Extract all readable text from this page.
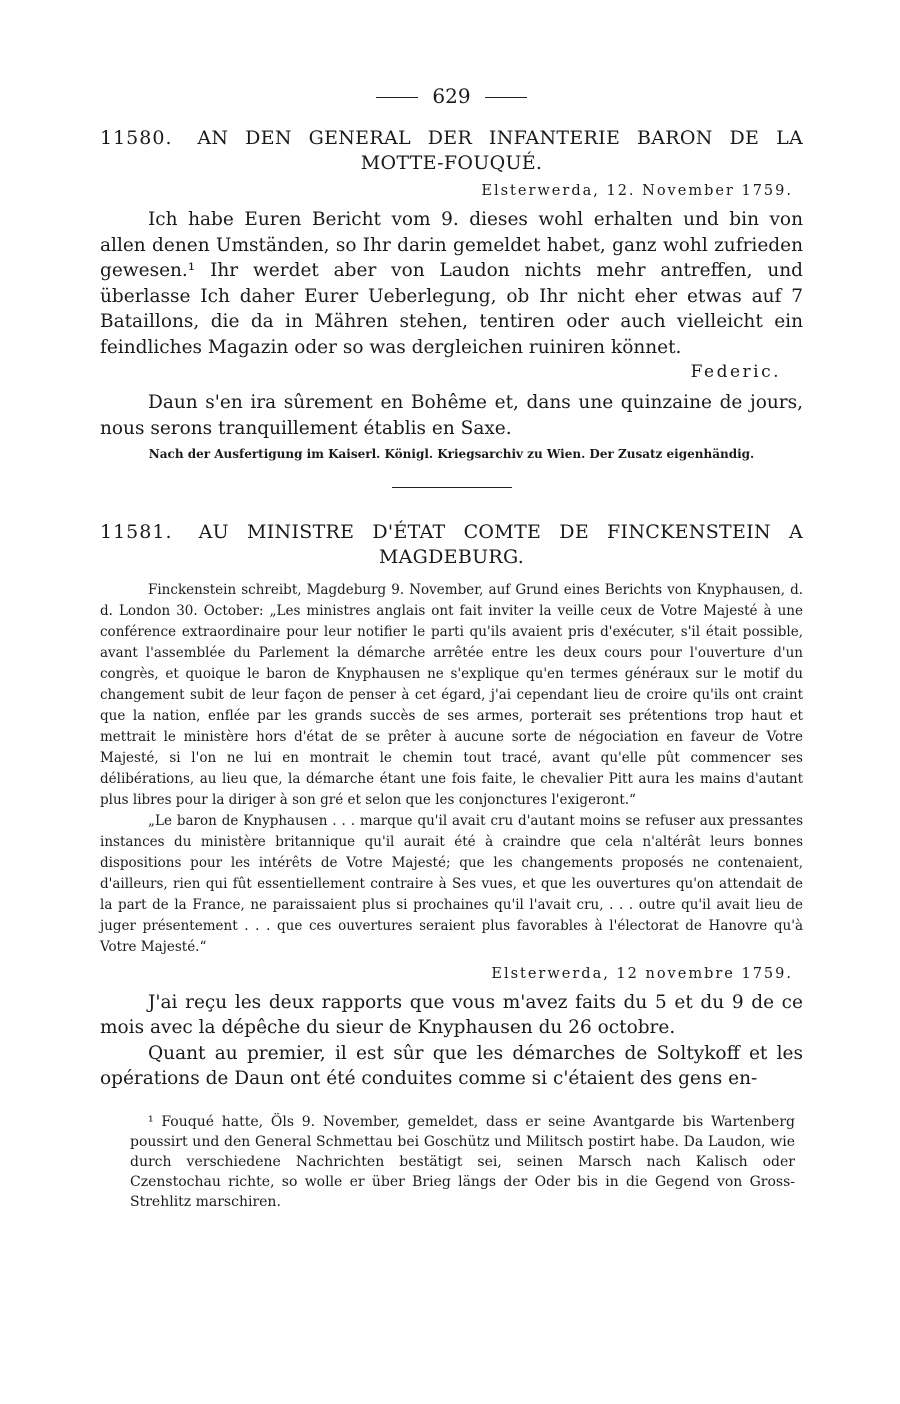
629
11580. AN DEN GENERAL DER INFANTERIE BARON DE LA MOTTE-FOUQUÉ.
Elsterwerda, 12. November 1759.

Ich habe Euren Bericht vom 9. dieses wohl erhalten und bin von allen denen Umständen, so Ihr darin gemeldet habet, ganz wohl zufrieden gewesen.¹ Ihr werdet aber von Laudon nichts mehr antreffen, und überlasse Ich daher Eurer Ueberlegung, ob Ihr nicht eher etwas auf 7 Bataillons, die da in Mähren stehen, tentiren oder auch vielleicht ein feindliches Magazin oder so was dergleichen ruiniren könnet.

Federic.

Daun s'en ira sûrement en Bohême et, dans une quinzaine de jours, nous serons tranquillement établis en Saxe.

Nach der Ausfertigung im Kaiserl. Königl. Kriegsarchiv zu Wien. Der Zusatz eigenhändig.
11581. AU MINISTRE D'ÉTAT COMTE DE FINCKENSTEIN A MAGDEBURG.

Finckenstein schreibt, Magdeburg 9. November, auf Grund eines Berichts von Knyphausen, d. d. London 30. October: „Les ministres anglais ont fait inviter la veille ceux de Votre Majesté à une conférence extraordinaire pour leur notifier le parti qu'ils avaient pris d'exécuter, s'il était possible, avant l'assemblée du Parlement la démarche arrêtée entre les deux cours pour l'ouverture d'un congrès, et quoique le baron de Knyphausen ne s'explique qu'en termes généraux sur le motif du changement subit de leur façon de penser à cet égard, j'ai cependant lieu de croire qu'ils ont craint que la nation, enflée par les grands succès de ses armes, porterait ses prétentions trop haut et mettrait le ministère hors d'état de se prêter à aucune sorte de négociation en faveur de Votre Majesté, si l'on ne lui en montrait le chemin tout tracé, avant qu'elle pût commencer ses délibérations, au lieu que, la démarche étant une fois faite, le chevalier Pitt aura les mains d'autant plus libres pour la diriger à son gré et selon que les conjonctures l'exigeront.“

„Le baron de Knyphausen . . . marque qu'il avait cru d'autant moins se refuser aux pressantes instances du ministère britannique qu'il aurait été à craindre que cela n'altérât leurs bonnes dispositions pour les intérêts de Votre Majesté; que les changements proposés ne contenaient, d'ailleurs, rien qui fût essentiellement contraire à Ses vues, et que les ouvertures qu'on attendait de la part de la France, ne paraissaient plus si prochaines qu'il l'avait cru, . . . outre qu'il avait lieu de juger présentement . . . que ces ouvertures seraient plus favorables à l'électorat de Hanovre qu'à Votre Majesté.“

Elsterwerda, 12 novembre 1759.

J'ai reçu les deux rapports que vous m'avez faits du 5 et du 9 de ce mois avec la dépêche du sieur de Knyphausen du 26 octobre.

Quant au premier, il est sûr que les démarches de Soltykoff et les opérations de Daun ont été conduites comme si c'étaient des gens en-

¹ Fouqué hatte, Öls 9. November, gemeldet, dass er seine Avantgarde bis Wartenberg poussirt und den General Schmettau bei Goschütz und Militsch postirt habe. Da Laudon, wie durch verschiedene Nachrichten bestätigt sei, seinen Marsch nach Kalisch oder Czenstochau richte, so wolle er über Brieg längs der Oder bis in die Gegend von Gross-Strehlitz marschiren.
